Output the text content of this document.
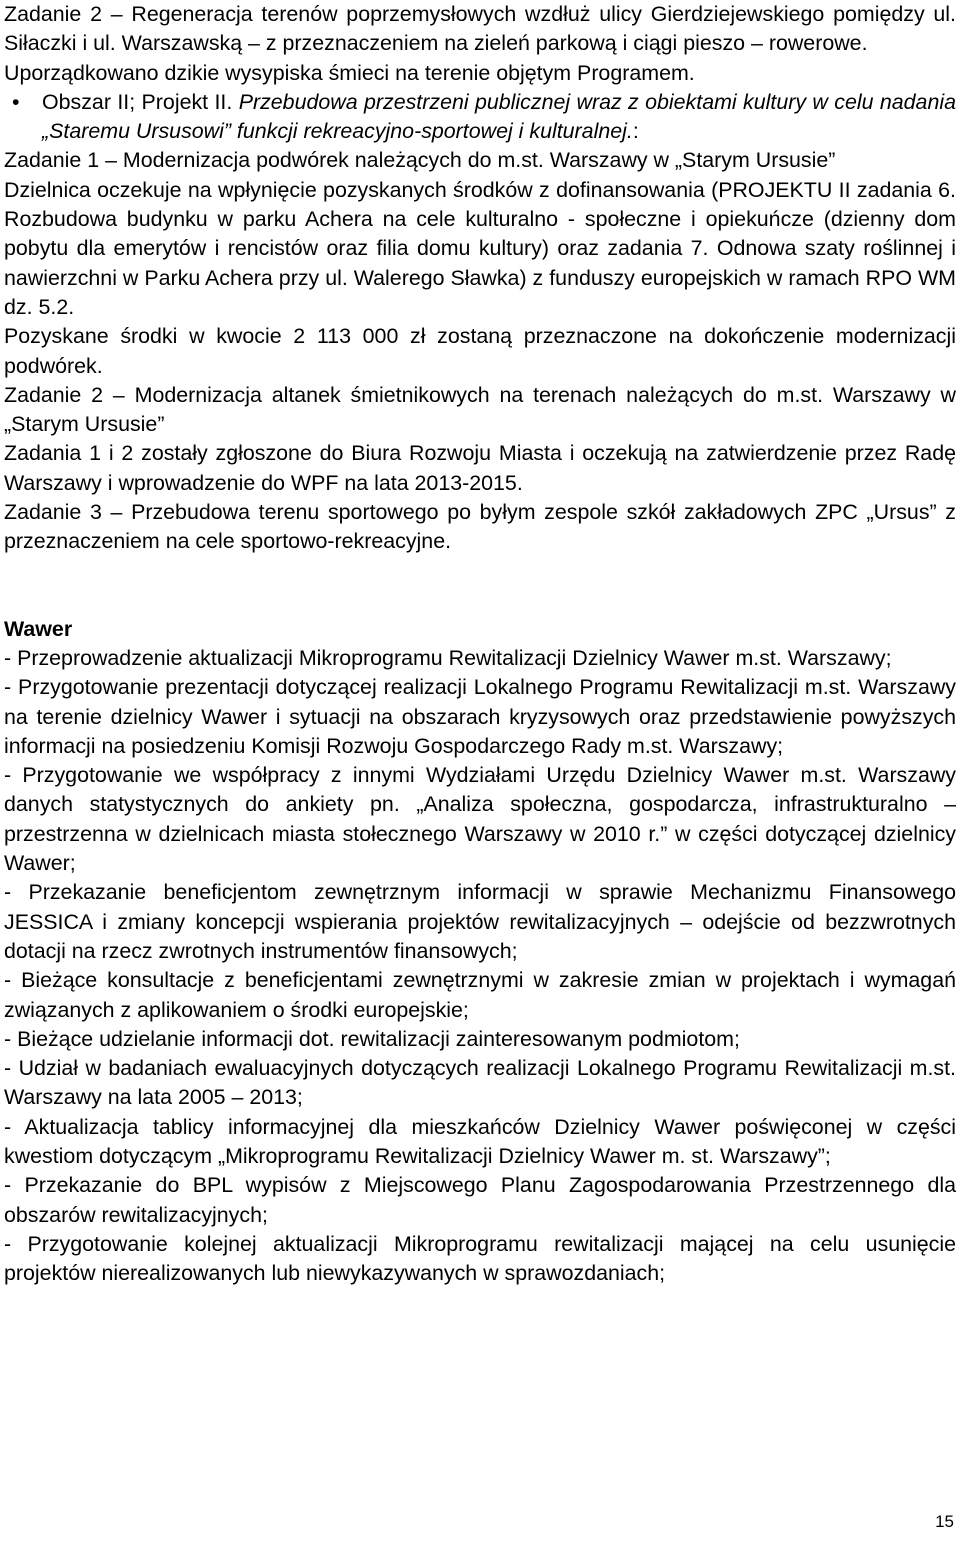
Zadanie 2 – Regeneracja terenów poprzemysłowych wzdłuż ulicy Gierdziejewskiego pomiędzy ul. Siłaczki i ul. Warszawską – z przeznaczeniem na zieleń parkową i ciągi pieszo – rowerowe.

Uporządkowano dzikie wysypiska śmieci na terenie objętym Programem.

• Obszar II; Projekt II. Przebudowa przestrzeni publicznej wraz z obiektami kultury w celu nadania „Staremu Ursusowi” funkcji rekreacyjno-sportowej i kulturalnej.:

Zadanie 1 – Modernizacja podwórek należących do m.st. Warszawy w „Starym Ursusie”

Dzielnica oczekuje na wpłynięcie pozyskanych środków z dofinansowania (PROJEKTU II zadania 6. Rozbudowa budynku w parku Achera na cele kulturalno - społeczne i opiekuńcze (dzienny dom pobytu dla emerytów i rencistów oraz filia domu kultury) oraz zadania 7. Odnowa szaty roślinnej i nawierzchni w Parku Achera przy ul. Walerego Sławka) z funduszy europejskich w ramach RPO WM dz. 5.2.

Pozyskane środki w kwocie 2 113 000 zł zostaną przeznaczone na dokończenie modernizacji podwórek.

Zadanie 2 – Modernizacja altanek śmietnikowych na terenach należących do m.st. Warszawy w „Starym Ursusie”

Zadania 1 i 2 zostały zgłoszone do Biura Rozwoju Miasta i oczekują na zatwierdzenie przez Radę Warszawy i wprowadzenie do WPF na lata 2013-2015.

Zadanie 3 – Przebudowa terenu sportowego po byłym zespole szkół zakładowych ZPC „Ursus” z przeznaczeniem na cele sportowo-rekreacyjne.

Wawer

- Przeprowadzenie aktualizacji Mikroprogramu Rewitalizacji Dzielnicy Wawer m.st. Warszawy;

- Przygotowanie prezentacji dotyczącej realizacji Lokalnego Programu Rewitalizacji m.st. Warszawy na terenie dzielnicy Wawer i sytuacji na obszarach kryzysowych oraz przedstawienie powyższych informacji na posiedzeniu Komisji Rozwoju Gospodarczego Rady m.st. Warszawy;

- Przygotowanie we współpracy z innymi Wydziałami Urzędu Dzielnicy Wawer m.st. Warszawy danych statystycznych do ankiety pn. „Analiza społeczna, gospodarcza, infrastrukturalno – przestrzenna w dzielnicach miasta stołecznego Warszawy w 2010 r.” w części dotyczącej dzielnicy Wawer;

- Przekazanie beneficjentom zewnętrznym informacji w sprawie Mechanizmu Finansowego JESSICA i zmiany koncepcji wspierania projektów rewitalizacyjnych – odejście od bezzwrotnych dotacji na rzecz zwrotnych instrumentów finansowych;

- Bieżące konsultacje z beneficjentami zewnętrznymi w zakresie zmian w projektach i wymagań związanych z aplikowaniem o środki europejskie;

- Bieżące udzielanie informacji dot. rewitalizacji zainteresowanym podmiotom;

- Udział w badaniach ewaluacyjnych dotyczących realizacji Lokalnego Programu Rewitalizacji m.st. Warszawy na lata 2005 – 2013;

- Aktualizacja tablicy informacyjnej dla mieszkańców Dzielnicy Wawer poświęconej w części kwestiom dotyczącym „Mikroprogramu Rewitalizacji Dzielnicy Wawer m. st. Warszawy”;

- Przekazanie do BPL wypisów z Miejscowego Planu Zagospodarowania Przestrzennego dla obszarów rewitalizacyjnych;

- Przygotowanie kolejnej aktualizacji Mikroprogramu rewitalizacji mającej na celu usunięcie projektów nierealizowanych lub niewykazywanych w sprawozdaniach;

15
